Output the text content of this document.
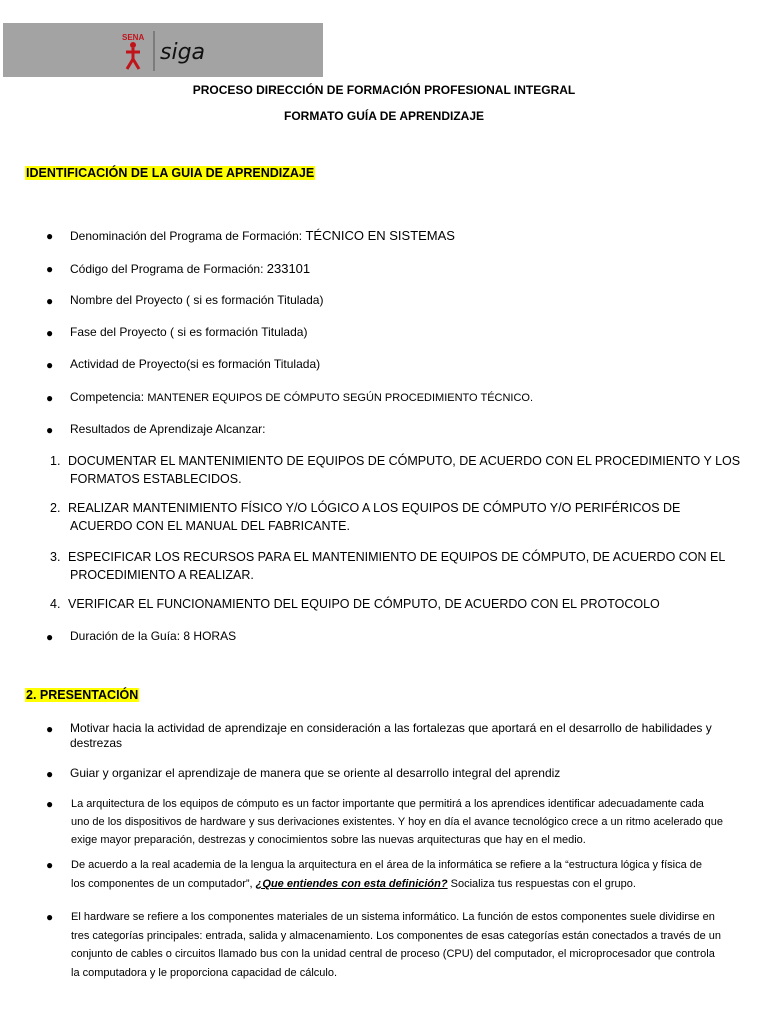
SENA
siga
PROCESO DIRECCIÓN DE FORMACIÓN PROFESIONAL INTEGRAL
FORMATO GUÍA DE APRENDIZAJE
IDENTIFICACIÓN DE LA GUIA DE APRENDIZAJE
● Denominación del Programa de Formación: TÉCNICO EN SISTEMAS
● Código del Programa de Formación: 233101
● Nombre del Proyecto ( si es formación Titulada)
● Fase del Proyecto ( si es formación Titulada)
● Actividad de Proyecto(si es formación Titulada)
● Competencia: MANTENER EQUIPOS DE CÓMPUTO SEGÚN PROCEDIMIENTO TÉCNICO.
● Resultados de Aprendizaje Alcanzar:
1. DOCUMENTAR EL MANTENIMIENTO DE EQUIPOS DE CÓMPUTO, DE ACUERDO CON EL PROCEDIMIENTO Y LOS
FORMATOS ESTABLECIDOS.
2. REALIZAR MANTENIMIENTO FÍSICO Y/O LÓGICO A LOS EQUIPOS DE CÓMPUTO Y/O PERIFÉRICOS DE
ACUERDO CON EL MANUAL DEL FABRICANTE.
3. ESPECIFICAR LOS RECURSOS PARA EL MANTENIMIENTO DE EQUIPOS DE CÓMPUTO, DE ACUERDO CON EL
PROCEDIMIENTO A REALIZAR.
4. VERIFICAR EL FUNCIONAMIENTO DEL EQUIPO DE CÓMPUTO, DE ACUERDO CON EL PROTOCOLO
● Duración de la Guía: 8 HORAS
2. PRESENTACIÓN
● Motivar hacia la actividad de aprendizaje en consideración a las fortalezas que aportará en el desarrollo de habilidades y
destrezas
● Guiar y organizar el aprendizaje de manera que se oriente al desarrollo integral del aprendiz
● La arquitectura de los equipos de cómputo es un factor importante que permitirá a los aprendices identificar adecuadamente cada
uno de los dispositivos de hardware y sus derivaciones existentes. Y hoy en día el avance tecnológico crece a un ritmo acelerado que
exige mayor preparación, destrezas y conocimientos sobre las nuevas arquitecturas que hay en el medio.
● De acuerdo a la real academia de la lengua la arquitectura en el área de la informática se refiere a la “estructura lógica y física de
los componentes de un computador”, ¿Que entiendes con esta definición? Socializa tus respuestas con el grupo.
● El hardware se refiere a los componentes materiales de un sistema informático. La función de estos componentes suele dividirse en
tres categorías principales: entrada, salida y almacenamiento. Los componentes de esas categorías están conectados a través de un
conjunto de cables o circuitos llamado bus con la unidad central de proceso (CPU) del computador, el microprocesador que controla
la computadora y le proporciona capacidad de cálculo.
